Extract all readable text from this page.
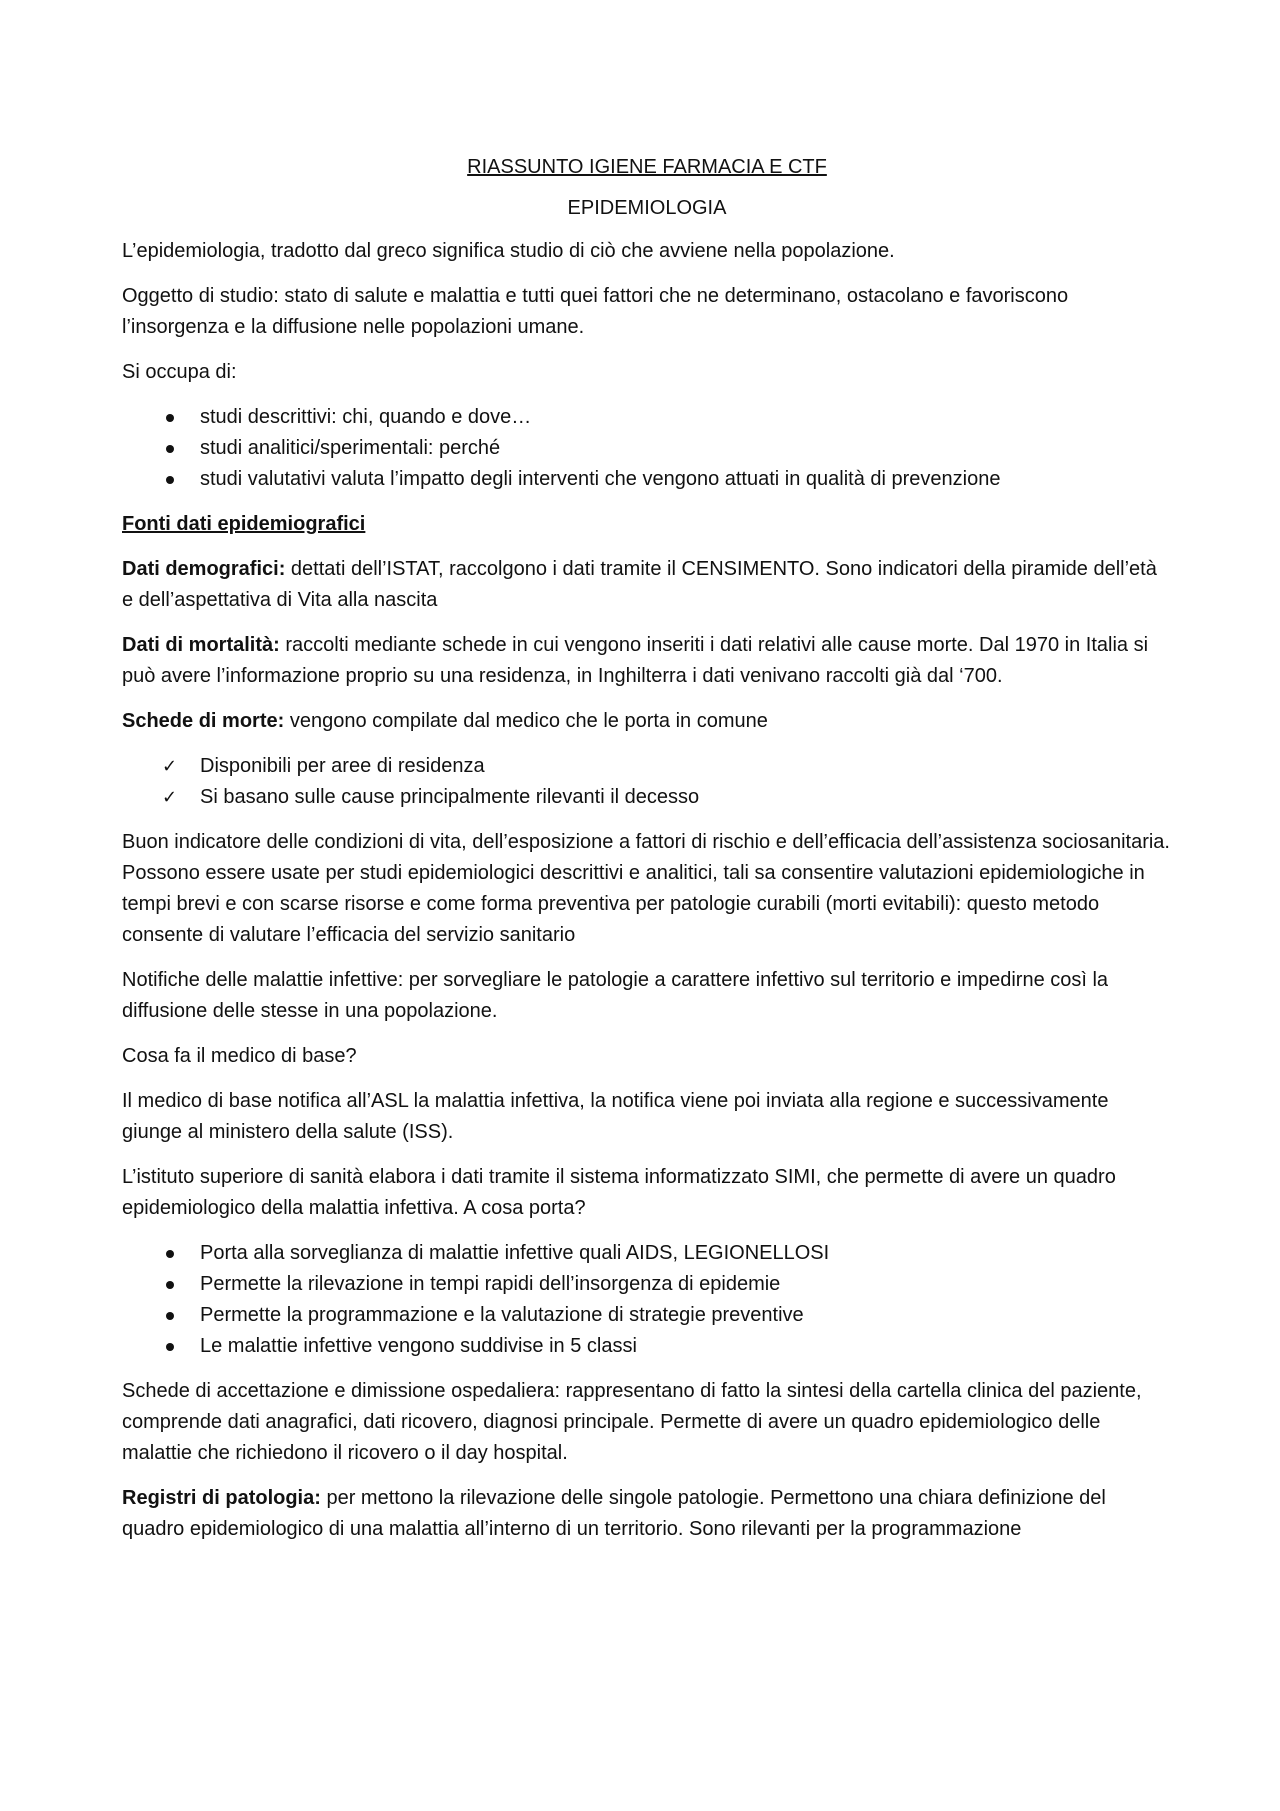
RIASSUNTO IGIENE FARMACIA E CTF
EPIDEMIOLOGIA

L’epidemiologia, tradotto dal greco significa studio di ciò che avviene nella popolazione.

Oggetto di studio: stato di salute e malattia e tutti quei fattori che ne determinano, ostacolano e favoriscono l’insorgenza e la diffusione nelle popolazioni umane.

Si occupa di:

studi descrittivi: chi, quando e dove…
studi analitici/sperimentali: perché
studi valutativi valuta l’impatto degli interventi che vengono attuati in qualità di prevenzione
Fonti dati epidemiografici

Dati demografici: dettati dell’ISTAT, raccolgono i dati tramite il CENSIMENTO. Sono indicatori della piramide dell’età e dell’aspettativa di Vita alla nascita

Dati di mortalità: raccolti mediante schede in cui vengono inseriti i dati relativi alle cause morte. Dal 1970 in Italia si può avere l’informazione proprio su una residenza, in Inghilterra i dati venivano raccolti già dal ‘700.

Schede di morte: vengono compilate dal medico che le porta in comune

✓ Disponibili per aree di residenza
✓ Si basano sulle cause principalmente rilevanti il decesso

Buon indicatore delle condizioni di vita, dell’esposizione a fattori di rischio e dell’efficacia dell’assistenza sociosanitaria. Possono essere usate per studi epidemiologici descrittivi e analitici, tali sa consentire valutazioni epidemiologiche in tempi brevi e con scarse risorse e come forma preventiva per patologie curabili (morti evitabili): questo metodo consente di valutare l’efficacia del servizio sanitario

Notifiche delle malattie infettive: per sorvegliare le patologie a carattere infettivo sul territorio e impedirne così la diffusione delle stesse in una popolazione.

Cosa fa il medico di base?

Il medico di base notifica all’ASL la malattia infettiva, la notifica viene poi inviata alla regione e successivamente giunge al ministero della salute (ISS).

L’istituto superiore di sanità elabora i dati tramite il sistema informatizzato SIMI, che permette di avere un quadro epidemiologico della malattia infettiva. A cosa porta?

Porta alla sorveglianza di malattie infettive quali AIDS, LEGIONELLOSI
Permette la rilevazione in tempi rapidi dell’insorgenza di epidemie
Permette la programmazione e la valutazione di strategie preventive
Le malattie infettive vengono suddivise in 5 classi

Schede di accettazione e dimissione ospedaliera: rappresentano di fatto la sintesi della cartella clinica del paziente, comprende dati anagrafici, dati ricovero, diagnosi principale. Permette di avere un quadro epidemiologico delle malattie che richiedono il ricovero o il day hospital.

Registri di patologia: per mettono la rilevazione delle singole patologie. Permettono una chiara definizione del quadro epidemiologico di una malattia all’interno di un territorio. Sono rilevanti per la programmazione
